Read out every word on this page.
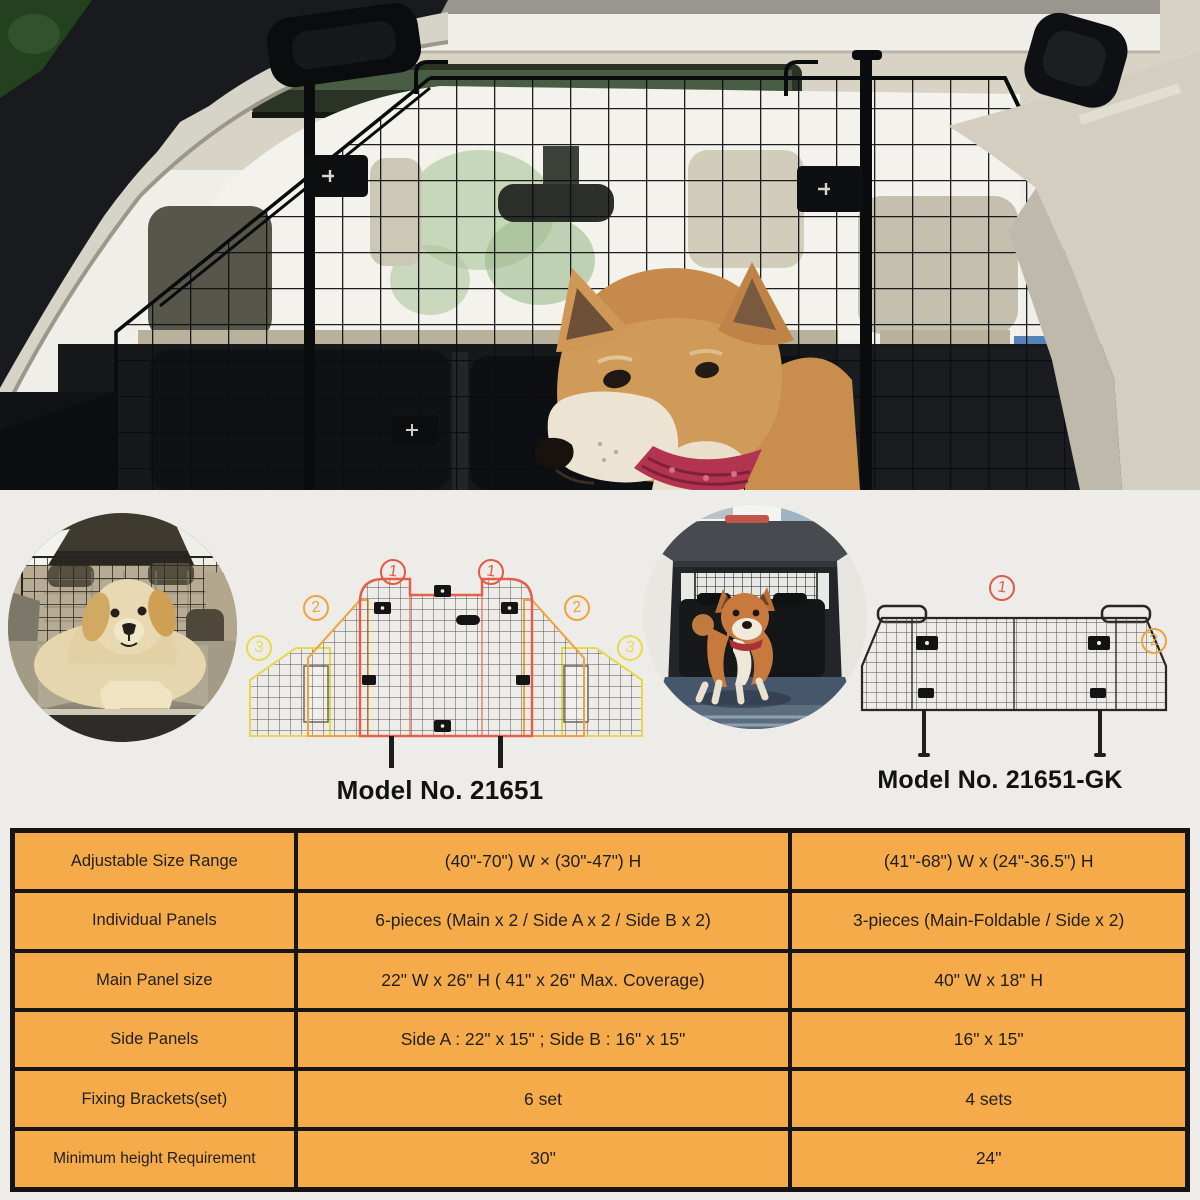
1	1
2	2
3	3
1
2
Model No. 21651	Model No. 21651-GK
Adjustable Size Range	(40"-70") W × (30"-47") H	(41"-68") W x (24"-36.5") H
Individual Panels	6-pieces (Main x 2 / Side A x 2 / Side B x 2)	3-pieces (Main-Foldable / Side x 2)
Main Panel size	22" W x 26" H ( 41" x 26" Max. Coverage)	40" W x 18" H
Side Panels	Side A : 22" x 15" ; Side B : 16" x 15"	16" x 15"
Fixing Brackets(set)	6 set	4 sets
Minimum height Requirement	30"	24"
